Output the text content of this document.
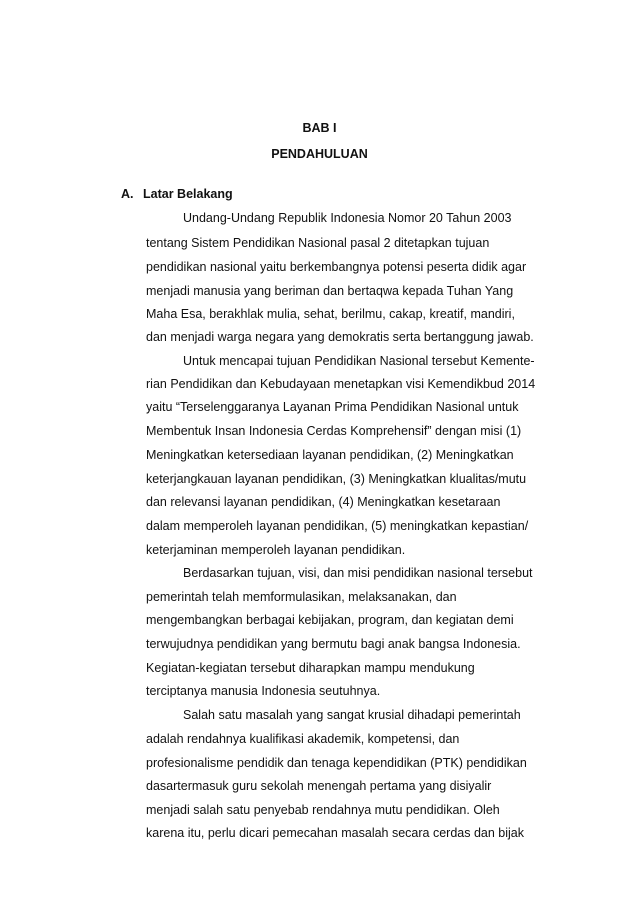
BAB I
PENDAHULUAN
A. Latar Belakang
Undang-Undang Republik Indonesia Nomor 20 Tahun 2003
tentang Sistem Pendidikan Nasional pasal 2 ditetapkan tujuan
pendidikan nasional yaitu berkembangnya potensi peserta didik agar
menjadi manusia yang beriman dan bertaqwa kepada Tuhan Yang
Maha Esa, berakhlak mulia, sehat, berilmu, cakap, kreatif, mandiri,
dan menjadi warga negara yang demokratis serta bertanggung jawab.
Untuk mencapai tujuan Pendidikan Nasional tersebut Kemente-
rian Pendidikan dan Kebudayaan menetapkan visi Kemendikbud 2014
yaitu “Terselenggaranya Layanan Prima Pendidikan Nasional untuk
Membentuk Insan Indonesia Cerdas Komprehensif” dengan misi (1)
Meningkatkan ketersediaan layanan pendidikan, (2) Meningkatkan
keterjangkauan layanan pendidikan, (3) Meningkatkan klualitas/mutu
dan relevansi layanan pendidikan, (4) Meningkatkan kesetaraan
dalam memperoleh layanan pendidikan, (5) meningkatkan kepastian/
keterjaminan memperoleh layanan pendidikan.
Berdasarkan tujuan, visi, dan misi pendidikan nasional tersebut
pemerintah telah memformulasikan, melaksanakan, dan
mengembangkan berbagai kebijakan, program, dan kegiatan demi
terwujudnya pendidikan yang bermutu bagi anak bangsa Indonesia.
Kegiatan-kegiatan tersebut diharapkan mampu mendukung
terciptanya manusia Indonesia seutuhnya.
Salah satu masalah yang sangat krusial dihadapi pemerintah
adalah rendahnya kualifikasi akademik, kompetensi, dan
profesionalisme pendidik dan tenaga kependidikan (PTK) pendidikan
dasartermasuk guru sekolah menengah pertama yang disiyalir
menjadi salah satu penyebab rendahnya mutu pendidikan. Oleh
karena itu, perlu dicari pemecahan masalah secara cerdas dan bijak
